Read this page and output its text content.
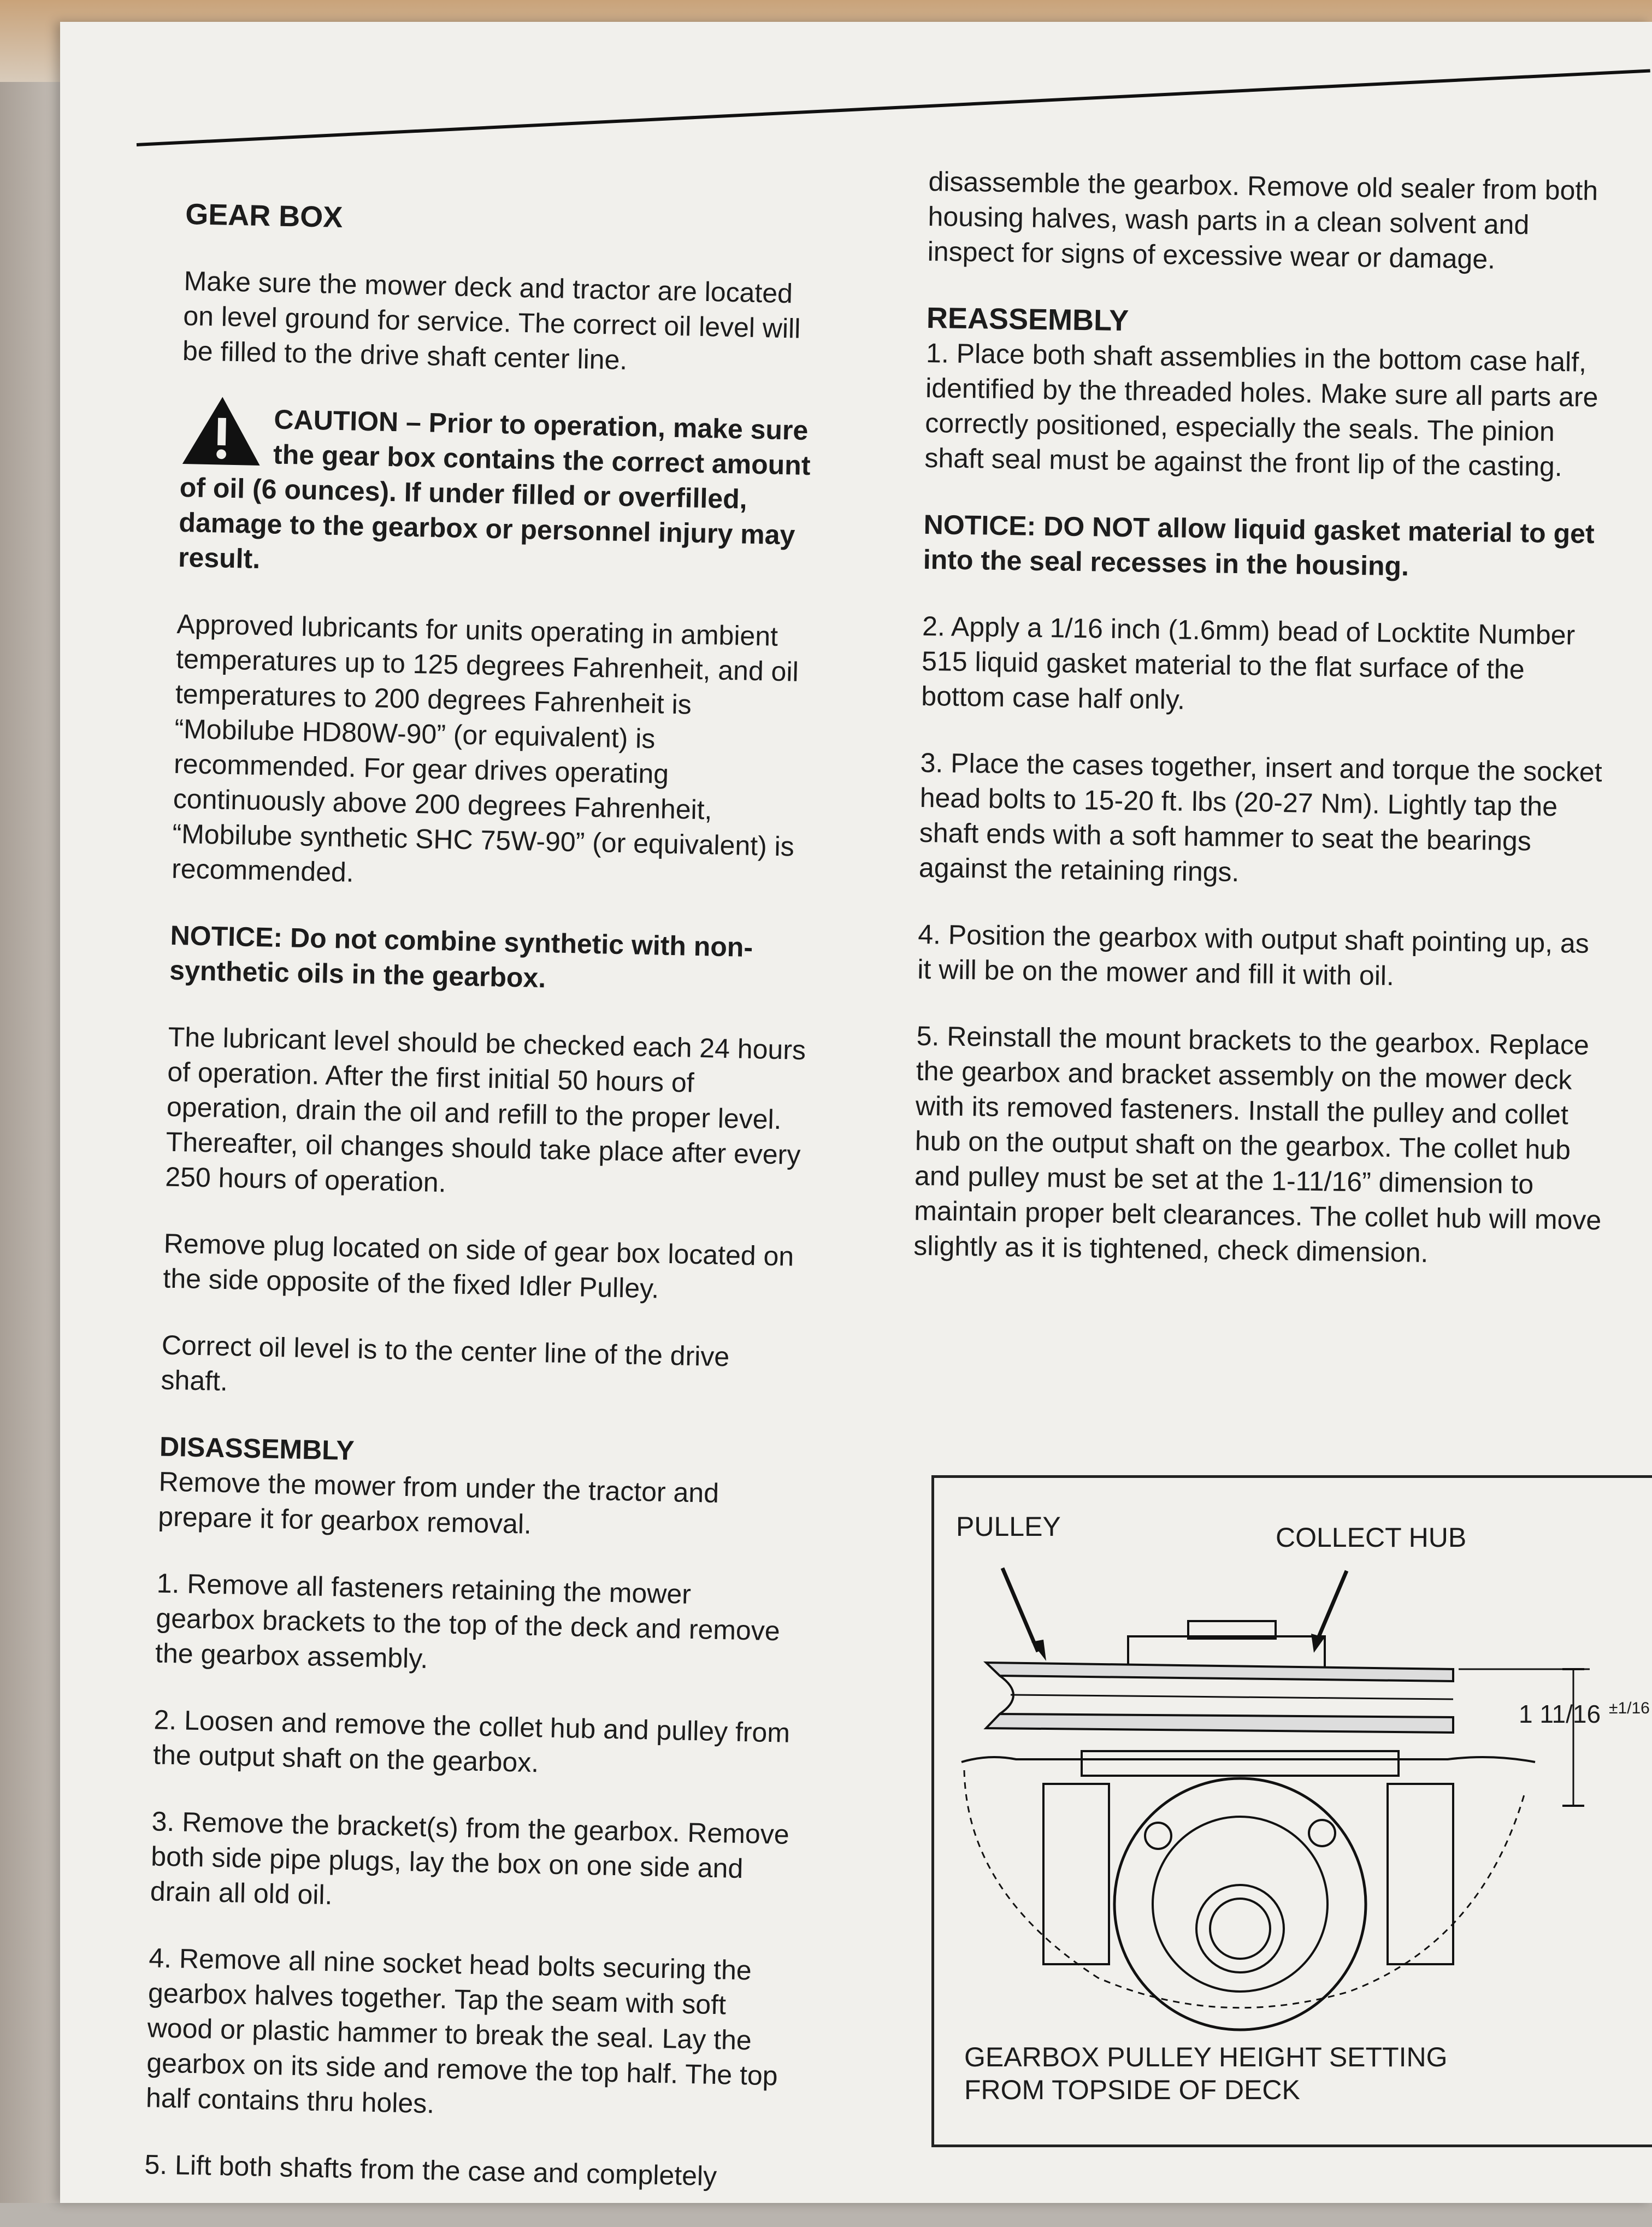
GEAR BOX

Make sure the mower deck and tractor are located on level ground for service. The correct oil level will be filled to the drive shaft center line.

CAUTION – Prior to operation, make sure the gear box contains the correct amount of oil (6 ounces). If under filled or overfilled, damage to the gearbox or personnel injury may result.

Approved lubricants for units operating in ambient temperatures up to 125 degrees Fahrenheit, and oil temperatures to 200 degrees Fahrenheit is “Mobilube HD80W-90” (or equivalent) is recommended. For gear drives operating continuously above 200 degrees Fahrenheit, “Mobilube synthetic SHC 75W-90” (or equivalent) is recommended.

NOTICE: Do not combine synthetic with non-synthetic oils in the gearbox.

The lubricant level should be checked each 24 hours of operation. After the first initial 50 hours of operation, drain the oil and refill to the proper level. Thereafter, oil changes should take place after every 250 hours of operation.

Remove plug located on side of gear box located on the side opposite of the fixed Idler Pulley.

Correct oil level is to the center line of the drive shaft.

DISASSEMBLY

Remove the mower from under the tractor and prepare it for gearbox removal.

1. Remove all fasteners retaining the mower gearbox brackets to the top of the deck and remove the gearbox assembly.

2. Loosen and remove the collet hub and pulley from the output shaft on the gearbox.

3. Remove the bracket(s) from the gearbox. Remove both side pipe plugs, lay the box on one side and drain all old oil.

4. Remove all nine socket head bolts securing the gearbox halves together. Tap the seam with soft wood or plastic hammer to break the seal. Lay the gearbox on its side and remove the top half. The top half contains thru holes.

5. Lift both shafts from the case and completely

disassemble the gearbox. Remove old sealer from both housing halves, wash parts in a clean solvent and inspect for signs of excessive wear or damage.

REASSEMBLY

1. Place both shaft assemblies in the bottom case half, identified by the threaded holes. Make sure all parts are correctly positioned, especially the seals. The pinion shaft seal must be against the front lip of the casting.

NOTICE: DO NOT allow liquid gasket material to get into the seal recesses in the housing.

2. Apply a 1/16 inch (1.6mm) bead of Locktite Number 515 liquid gasket material to the flat surface of the bottom case half only.

3. Place the cases together, insert and torque the socket head bolts to 15-20 ft. lbs (20-27 Nm). Lightly tap the shaft ends with a soft hammer to seat the bearings against the retaining rings.

4. Position the gearbox with output shaft pointing up, as it will be on the mower and fill it with oil.

5. Reinstall the mount brackets to the gearbox. Replace the gearbox and bracket assembly on the mower deck with its removed fasteners. Install the pulley and collet hub on the output shaft on the gearbox. The collet hub and pulley must be set at the 1-11/16” dimension to maintain proper belt clearances. The collet hub will move slightly as it is tightened, check dimension.

PULLEY	COLLECT HUB
1 11/16 ±1/16
GEARBOX PULLEY HEIGHT SETTING
FROM TOPSIDE OF DECK
